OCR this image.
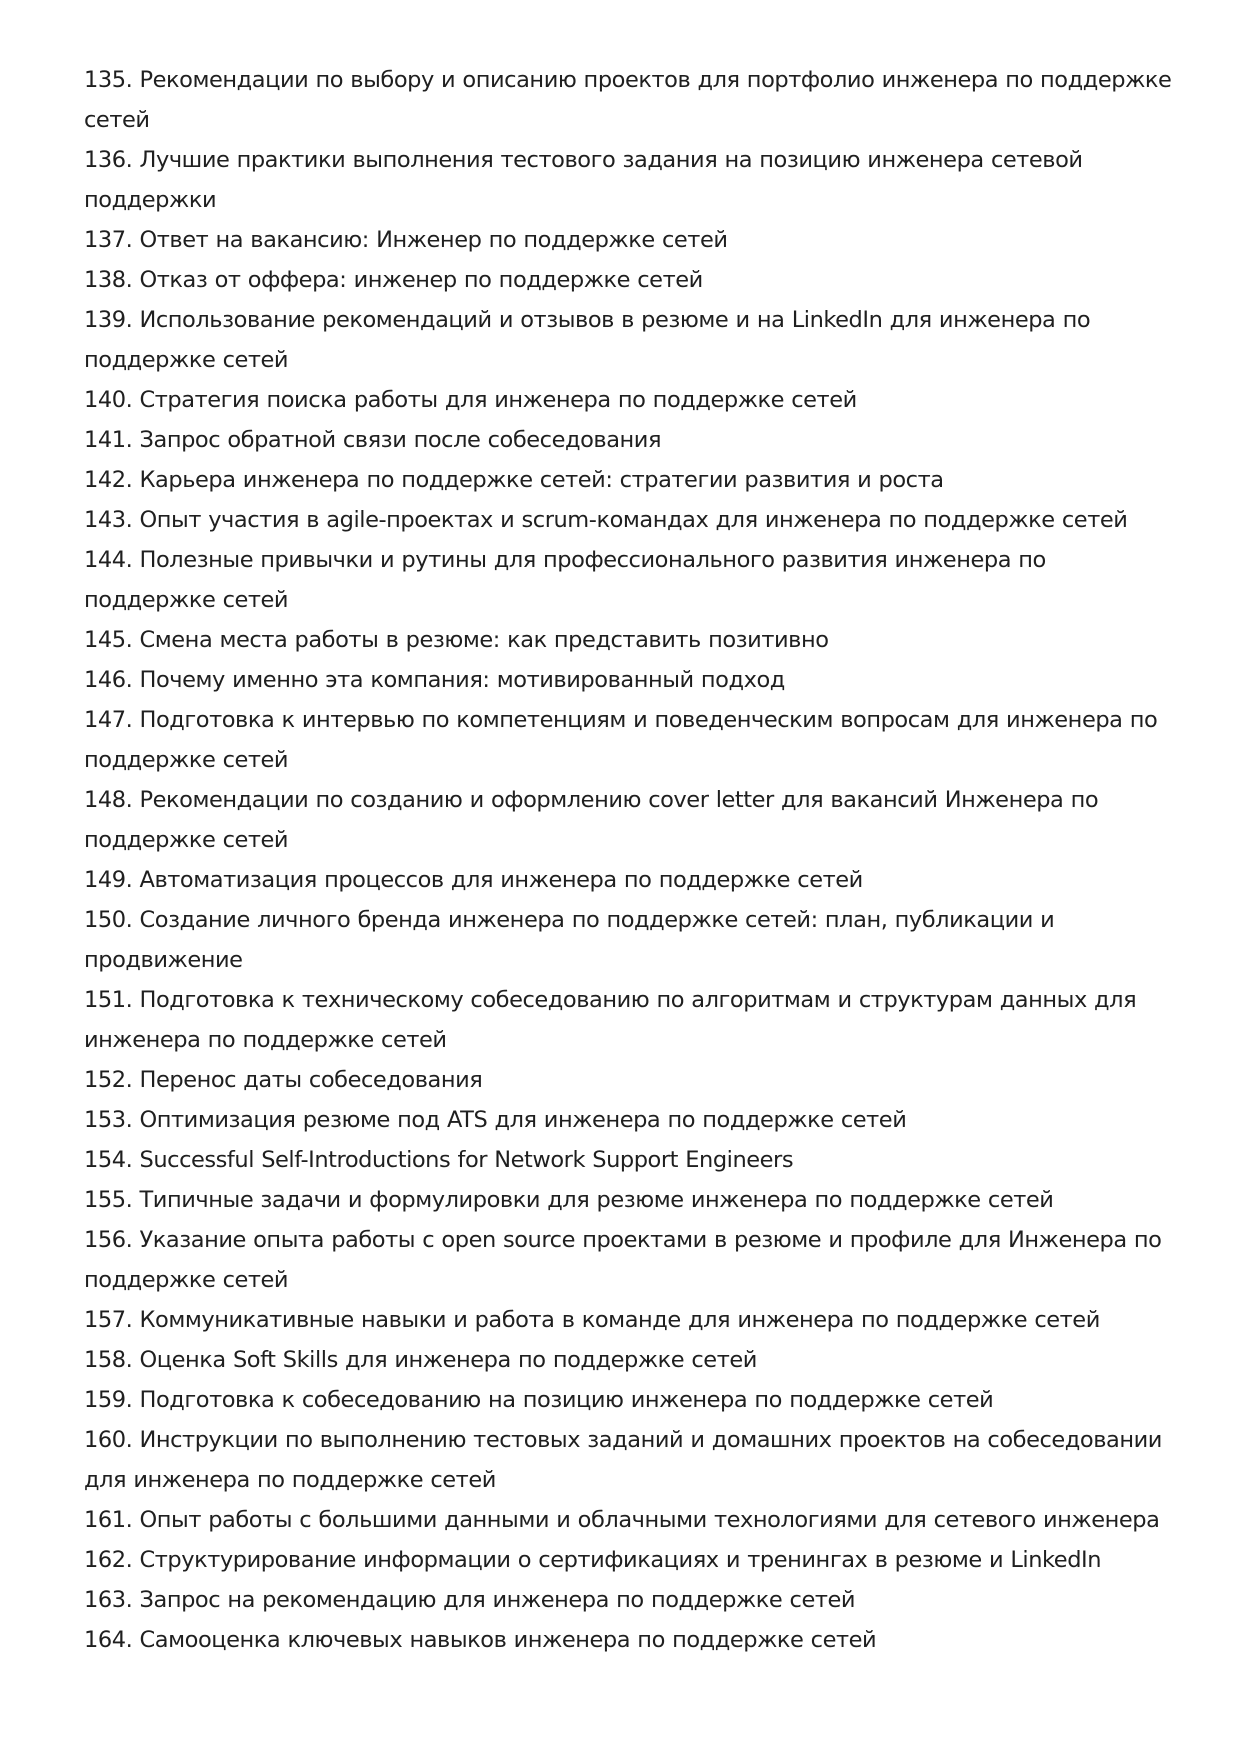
135. Рекомендации по выбору и описанию проектов для портфолио инженера по поддержке сетей
136. Лучшие практики выполнения тестового задания на позицию инженера сетевой поддержки
137. Ответ на вакансию: Инженер по поддержке сетей
138. Отказ от оффера: инженер по поддержке сетей
139. Использование рекомендаций и отзывов в резюме и на LinkedIn для инженера по поддержке сетей
140. Стратегия поиска работы для инженера по поддержке сетей
141. Запрос обратной связи после собеседования
142. Карьера инженера по поддержке сетей: стратегии развития и роста
143. Опыт участия в agile-проектах и scrum-командах для инженера по поддержке сетей
144. Полезные привычки и рутины для профессионального развития инженера по поддержке сетей
145. Смена места работы в резюме: как представить позитивно
146. Почему именно эта компания: мотивированный подход
147. Подготовка к интервью по компетенциям и поведенческим вопросам для инженера по поддержке сетей
148. Рекомендации по созданию и оформлению cover letter для вакансий Инженера по поддержке сетей
149. Автоматизация процессов для инженера по поддержке сетей
150. Создание личного бренда инженера по поддержке сетей: план, публикации и продвижение
151. Подготовка к техническому собеседованию по алгоритмам и структурам данных для инженера по поддержке сетей
152. Перенос даты собеседования
153. Оптимизация резюме под ATS для инженера по поддержке сетей
154. Successful Self-Introductions for Network Support Engineers
155. Типичные задачи и формулировки для резюме инженера по поддержке сетей
156. Указание опыта работы с open source проектами в резюме и профиле для Инженера по поддержке сетей
157. Коммуникативные навыки и работа в команде для инженера по поддержке сетей
158. Оценка Soft Skills для инженера по поддержке сетей
159. Подготовка к собеседованию на позицию инженера по поддержке сетей
160. Инструкции по выполнению тестовых заданий и домашних проектов на собеседовании для инженера по поддержке сетей
161. Опыт работы с большими данными и облачными технологиями для сетевого инженера
162. Структурирование информации о сертификациях и тренингах в резюме и LinkedIn
163. Запрос на рекомендацию для инженера по поддержке сетей
164. Самооценка ключевых навыков инженера по поддержке сетей
